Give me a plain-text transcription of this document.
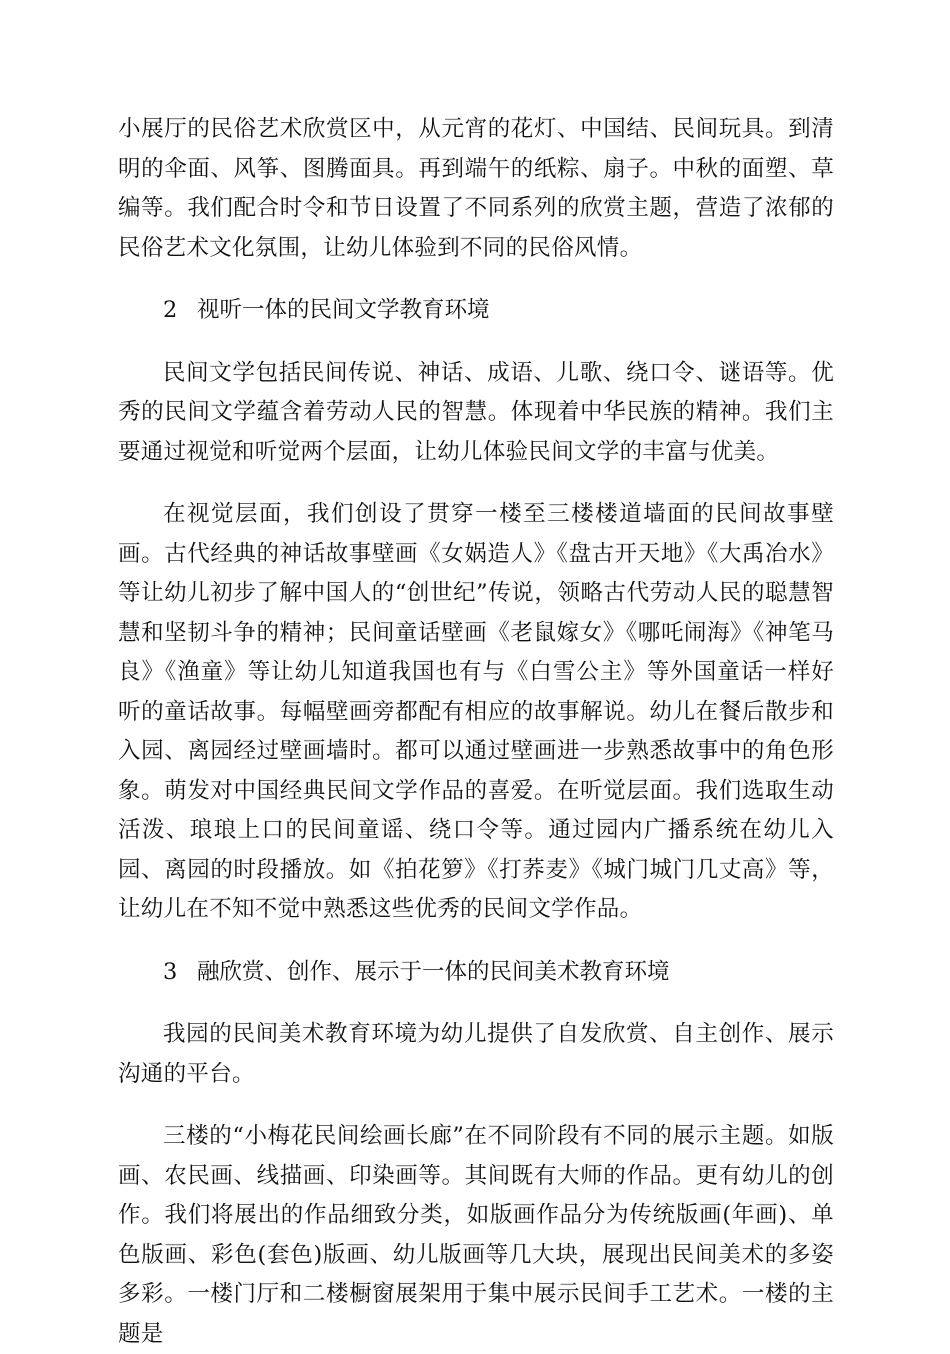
小展厅的民俗艺术欣赏区中，从元宵的花灯、中国结、民间玩具。到清明的伞面、风筝、图腾面具。再到端午的纸粽、扇子。中秋的面塑、草编等。我们配合时令和节日设置了不同系列的欣赏主题，营造了浓郁的民俗艺术文化氛围，让幼儿体验到不同的民俗风情。

2 视听一体的民间文学教育环境

民间文学包括民间传说、神话、成语、儿歌、绕口令、谜语等。优秀的民间文学蕴含着劳动人民的智慧。体现着中华民族的精神。我们主要通过视觉和听觉两个层面，让幼儿体验民间文学的丰富与优美。

在视觉层面，我们创设了贯穿一楼至三楼楼道墙面的民间故事壁画。古代经典的神话故事壁画《女娲造人》《盘古开天地》《大禹冶水》等让幼儿初步了解中国人的“创世纪”传说，领略古代劳动人民的聪慧智慧和坚韧斗争的精神；民间童话壁画《老鼠嫁女》《哪吒闹海》《神笔马良》《渔童》等让幼儿知道我国也有与《白雪公主》等外国童话一样好听的童话故事。每幅壁画旁都配有相应的故事解说。幼儿在餐后散步和入园、离园经过壁画墙时。都可以通过壁画进一步熟悉故事中的角色形象。萌发对中国经典民间文学作品的喜爱。在听觉层面。我们选取生动活泼、琅琅上口的民间童谣、绕口令等。通过园内广播系统在幼儿入园、离园的时段播放。如《拍花箩》《打荞麦》《城门城门几丈高》等，让幼儿在不知不觉中熟悉这些优秀的民间文学作品。

3 融欣赏、创作、展示于一体的民间美术教育环境

我园的民间美术教育环境为幼儿提供了自发欣赏、自主创作、展示沟通的平台。

三楼的“小梅花民间绘画长廊”在不同阶段有不同的展示主题。如版画、农民画、线描画、印染画等。其间既有大师的作品。更有幼儿的创作。我们将展出的作品细致分类，如版画作品分为传统版画(年画)、单色版画、彩色(套色)版画、幼儿版画等几大块，展现出民间美术的多姿多彩。一楼门厅和二楼橱窗展架用于集中展示民间手工艺术。一楼的主题是
